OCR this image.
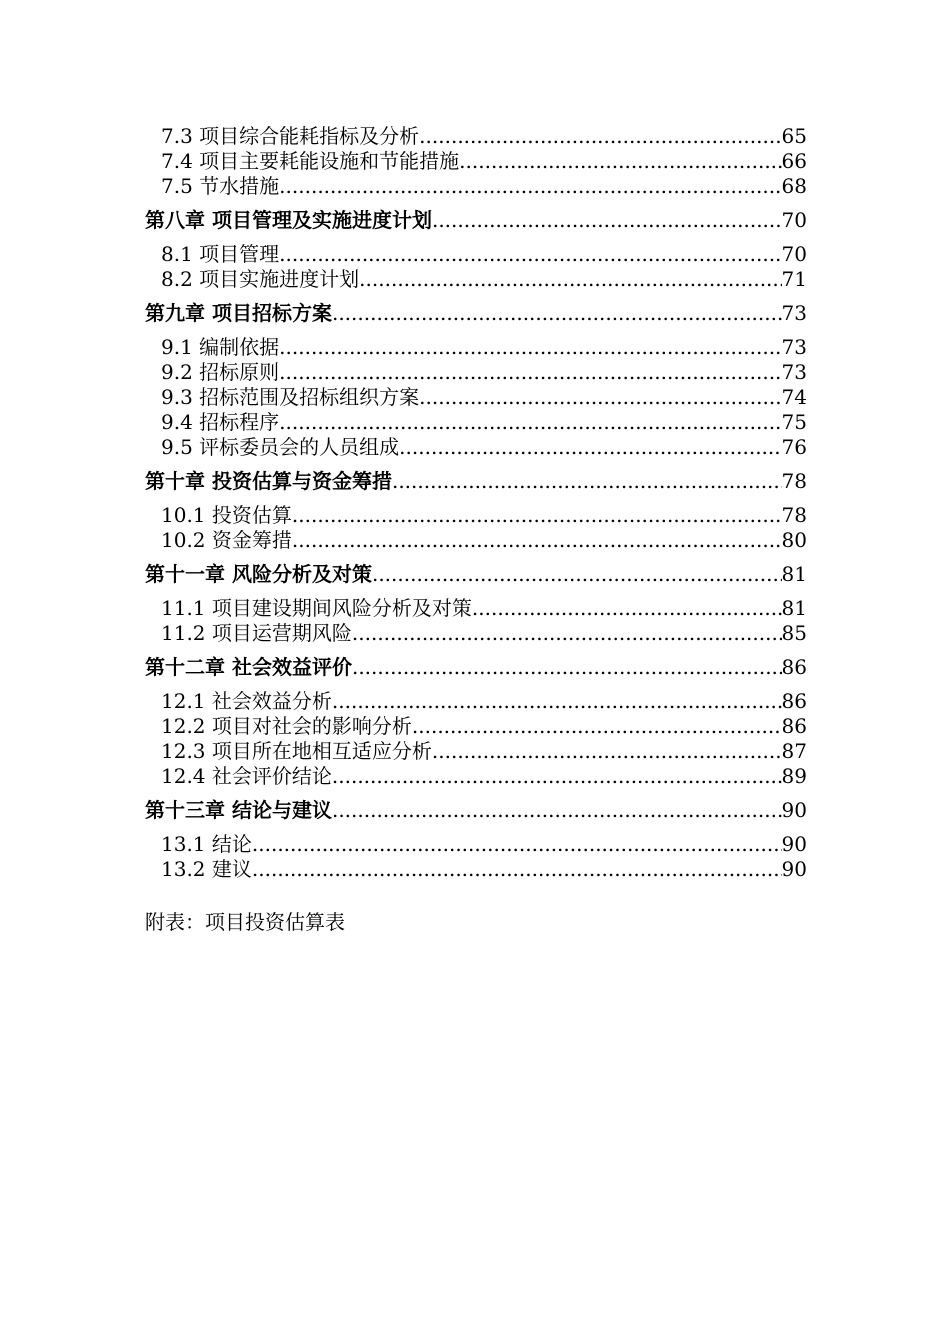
7.3 项目综合能耗指标及分析 .....	65
7.4 项目主要耗能设施和节能措施 .....	66
7.5 节水措施 .....	68
第八章 项目管理及实施进度计划 .....	70
8.1 项目管理 .....	70
8.2 项目实施进度计划 .....	71
第九章 项目招标方案 .....	73
9.1 编制依据 .....	73
9.2 招标原则 .....	73
9.3 招标范围及招标组织方案 .....	74
9.4 招标程序 .....	75
9.5 评标委员会的人员组成 .....	76
第十章 投资估算与资金筹措 .....	78
10.1 投资估算 .....	78
10.2 资金筹措 .....	80
第十一章 风险分析及对策 .....	81
11.1 项目建设期间风险分析及对策 .....	81
11.2 项目运营期风险 .....	85
第十二章 社会效益评价 .....	86
12.1 社会效益分析 .....	86
12.2 项目对社会的影响分析 .....	86
12.3 项目所在地相互适应分析 .....	87
12.4 社会评价结论 .....	89
第十三章 结论与建议 .....	90
13.1 结论 .....	90
13.2 建议 .....	90
附表：项目投资估算表
